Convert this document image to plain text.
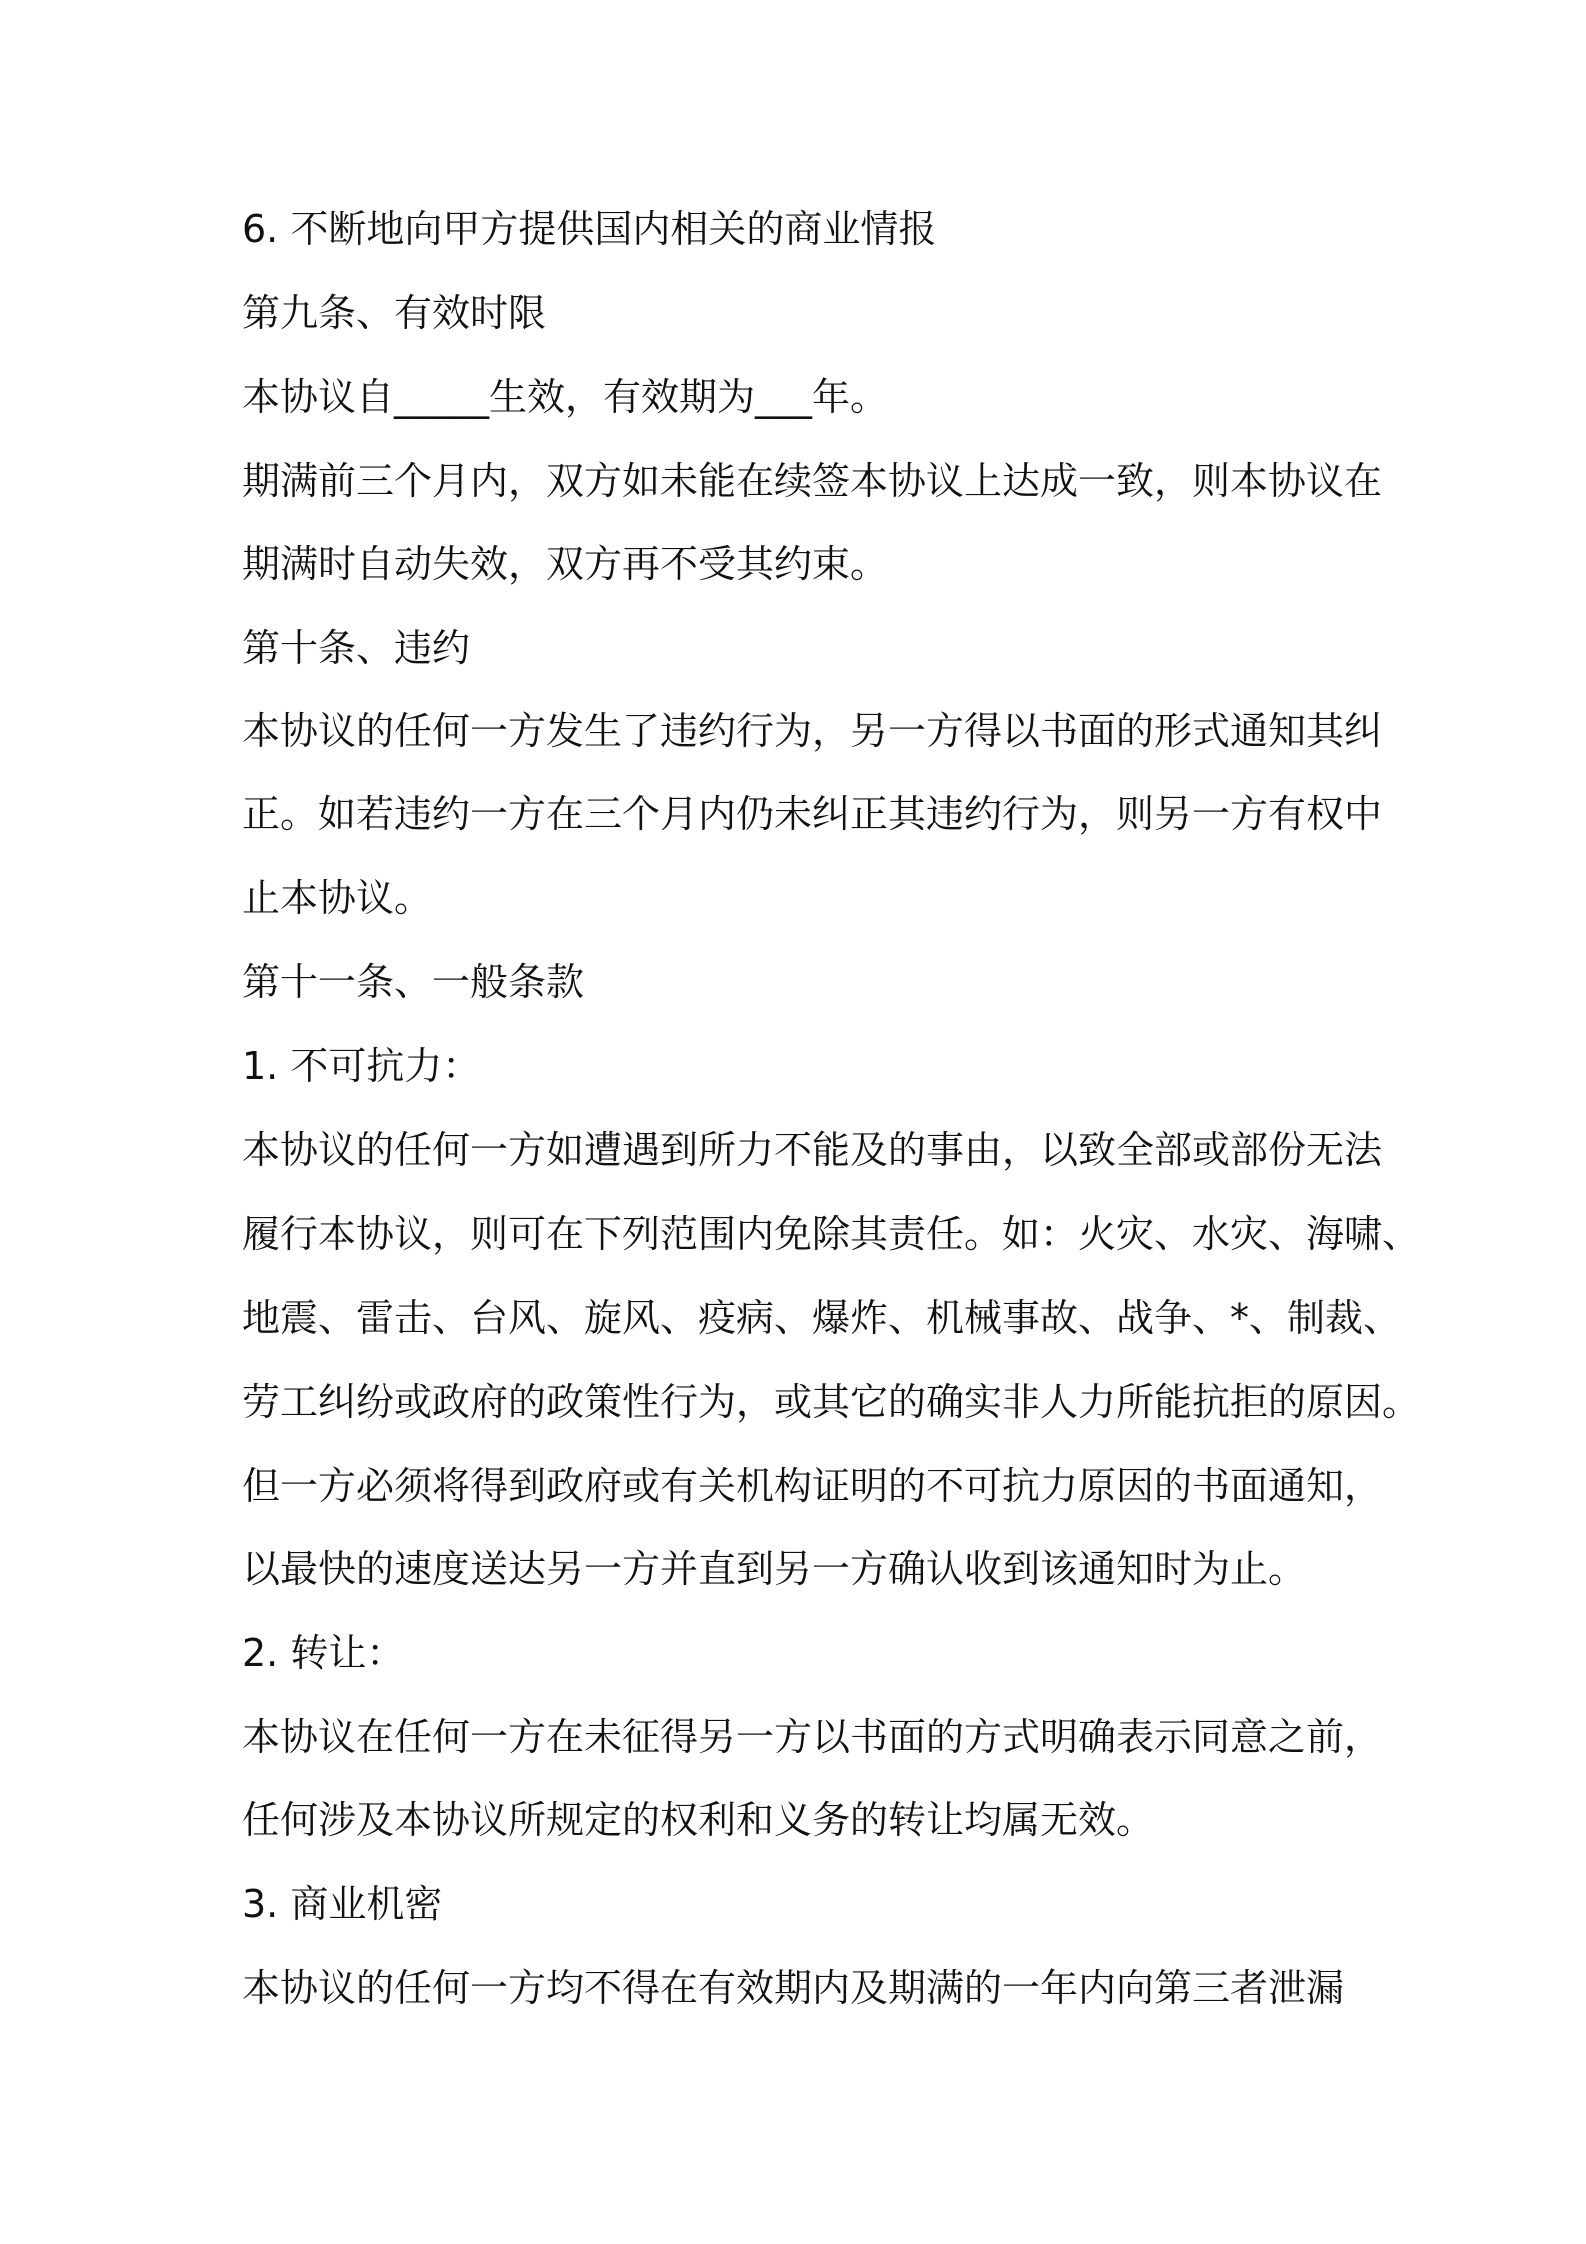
6. 不断地向甲方提供国内相关的商业情报
第九条、有效时限
本协议自_____生效，有效期为___年。
期满前三个月内，双方如未能在续签本协议上达成一致，则本协议在
期满时自动失效，双方再不受其约束。
第十条、违约
本协议的任何一方发生了违约行为，另一方得以书面的形式通知其纠
正。如若违约一方在三个月内仍未纠正其违约行为，则另一方有权中
止本协议。
第十一条、一般条款
1. 不可抗力：
本协议的任何一方如遭遇到所力不能及的事由，以致全部或部份无法
履行本协议，则可在下列范围内免除其责任。如：火灾、水灾、海啸、
地震、雷击、台风、旋风、疫病、爆炸、机械事故、战争、*、制裁、
劳工纠纷或政府的政策性行为，或其它的确实非人力所能抗拒的原因。
但一方必须将得到政府或有关机构证明的不可抗力原因的书面通知，
以最快的速度送达另一方并直到另一方确认收到该通知时为止。
2. 转让：
本协议在任何一方在未征得另一方以书面的方式明确表示同意之前，
任何涉及本协议所规定的权利和义务的转让均属无效。
3. 商业机密
本协议的任何一方均不得在有效期内及期满的一年内向第三者泄漏
